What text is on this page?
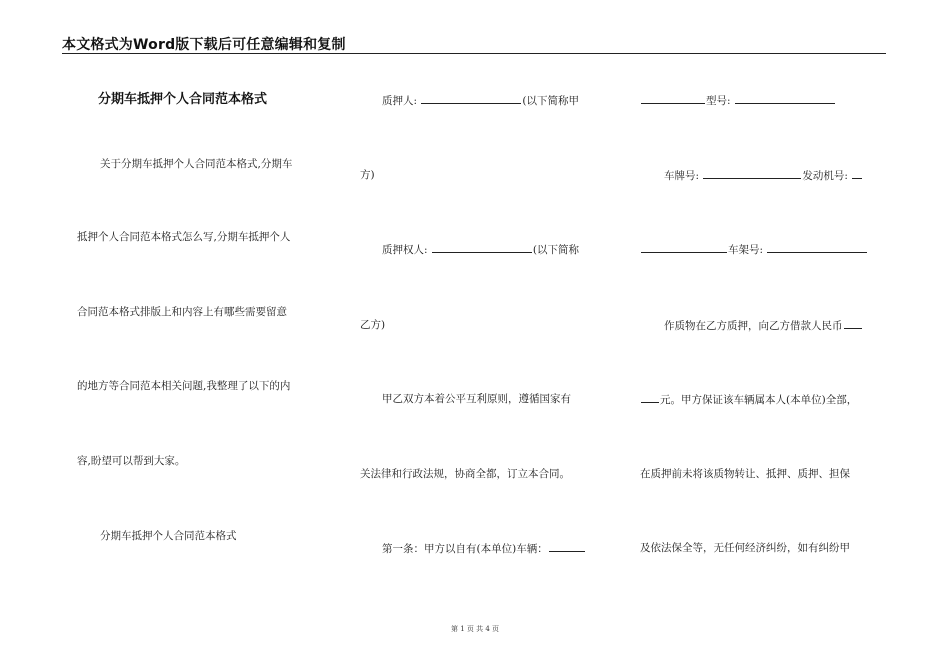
本文格式为Word版下载后可任意编辑和复制
分期车抵押个人合同范本格式
关于分期车抵押个人合同范本格式,分期车
抵押个人合同范本格式怎么写,分期车抵押个人
合同范本格式排版上和内容上有哪些需要留意
的地方等合同范本相关问题,我整理了以下的内
容,盼望可以帮到大家。
分期车抵押个人合同范本格式
质押人:	(以下简称甲
方)
质押权人:	(以下简称
乙方)
甲乙双方本着公平互利原则，遵循国家有
关法律和行政法规，协商全都，订立本合同。
第一条：甲方以自有(本单位)车辆：
型号:
车牌号:	发动机号:
车架号:
作质物在乙方质押，向乙方借款人民币
元。甲方保证该车辆属本人(本单位)全部，
在质押前未将该质物转让、抵押、质押、担保
及依法保全等，无任何经济纠纷，如有纠纷甲
第 1 页 共 4 页
